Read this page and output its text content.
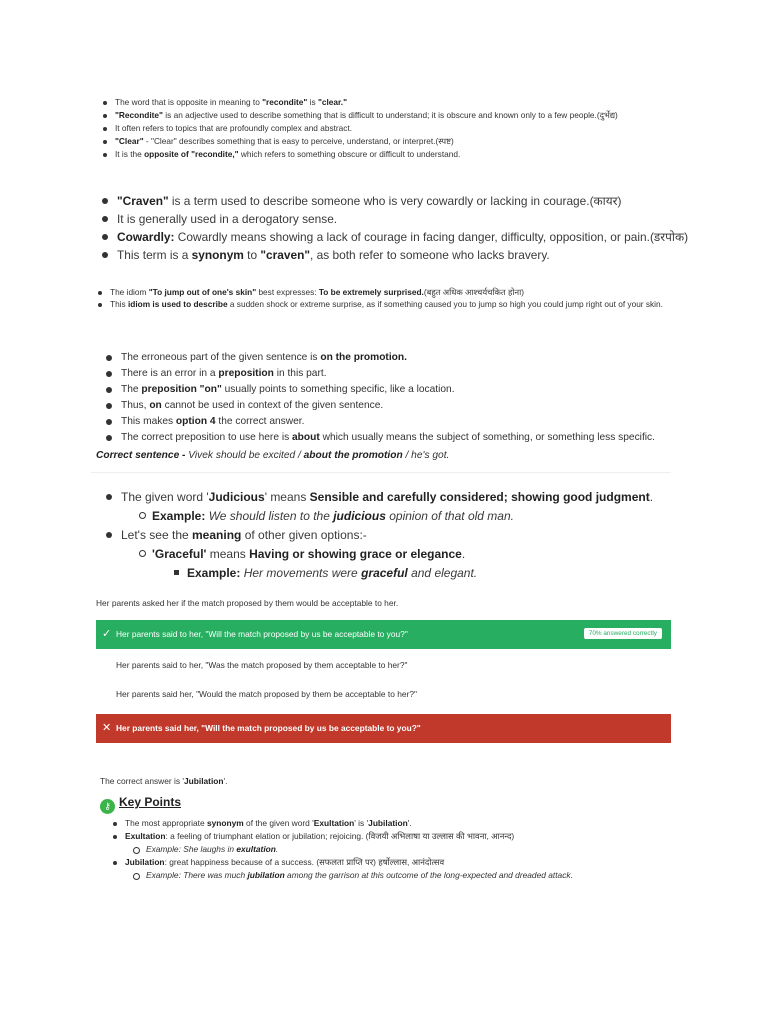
The word that is opposite in meaning to "recondite" is "clear."
"Recondite" is an adjective used to describe something that is difficult to understand; it is obscure and known only to a few people.(दुर्भेद्य)
It often refers to topics that are profoundly complex and abstract.
"Clear" - "Clear" describes something that is easy to perceive, understand, or interpret.(स्पष्ट)
It is the opposite of "recondite," which refers to something obscure or difficult to understand.
"Craven" is a term used to describe someone who is very cowardly or lacking in courage.(कायर)
It is generally used in a derogatory sense.
Cowardly: Cowardly means showing a lack of courage in facing danger, difficulty, opposition, or pain.(डरपोक)
This term is a synonym to "craven", as both refer to someone who lacks bravery.
The idiom "To jump out of one's skin" best expresses: To be extremely surprised.(बहुत अधिक आश्चर्यचकित होना)
This idiom is used to describe a sudden shock or extreme surprise, as if something caused you to jump so high you could jump right out of your skin.
The erroneous part of the given sentence is on the promotion.
There is an error in a preposition in this part.
The preposition "on" usually points to something specific, like a location.
Thus, on cannot be used in context of the given sentence.
This makes option 4 the correct answer.
The correct preposition to use here is about which usually means the subject of something, or something less specific.
Correct sentence - Vivek should be excited / about the promotion / he's got.
The given word 'Judicious' means Sensible and carefully considered; showing good judgment.
Example: We should listen to the judicious opinion of that old man.
Let's see the meaning of other given options:-
'Graceful' means Having or showing grace or elegance.
Example: Her movements were graceful and elegant.
Her parents asked her if the match proposed by them would be acceptable to her.
✓ Her parents said to her, "Will the match proposed by us be acceptable to you?"	70% answered correctly
Her parents said to her, "Was the match proposed by them acceptable to her?"
Her parents said her, "Would the match proposed by them be acceptable to her?"
✕ Her parents said her, "Will the match proposed by us be acceptable to you?"
The correct answer is 'Jubilation'.
⚷ Key Points
The most appropriate synonym of the given word 'Exultation' is 'Jubilation'.
Exultation: a feeling of triumphant elation or jubilation; rejoicing. (विजयी अभिलाषा या उल्लास की भावना, आनन्द)
Example: She laughs in exultation.
Jubilation: great happiness because of a success. (सफलता प्राप्ति पर) हर्षोल्लास, आनंदोत्सव
Example: There was much jubilation among the garrison at this outcome of the long-expected and dreaded attack.
